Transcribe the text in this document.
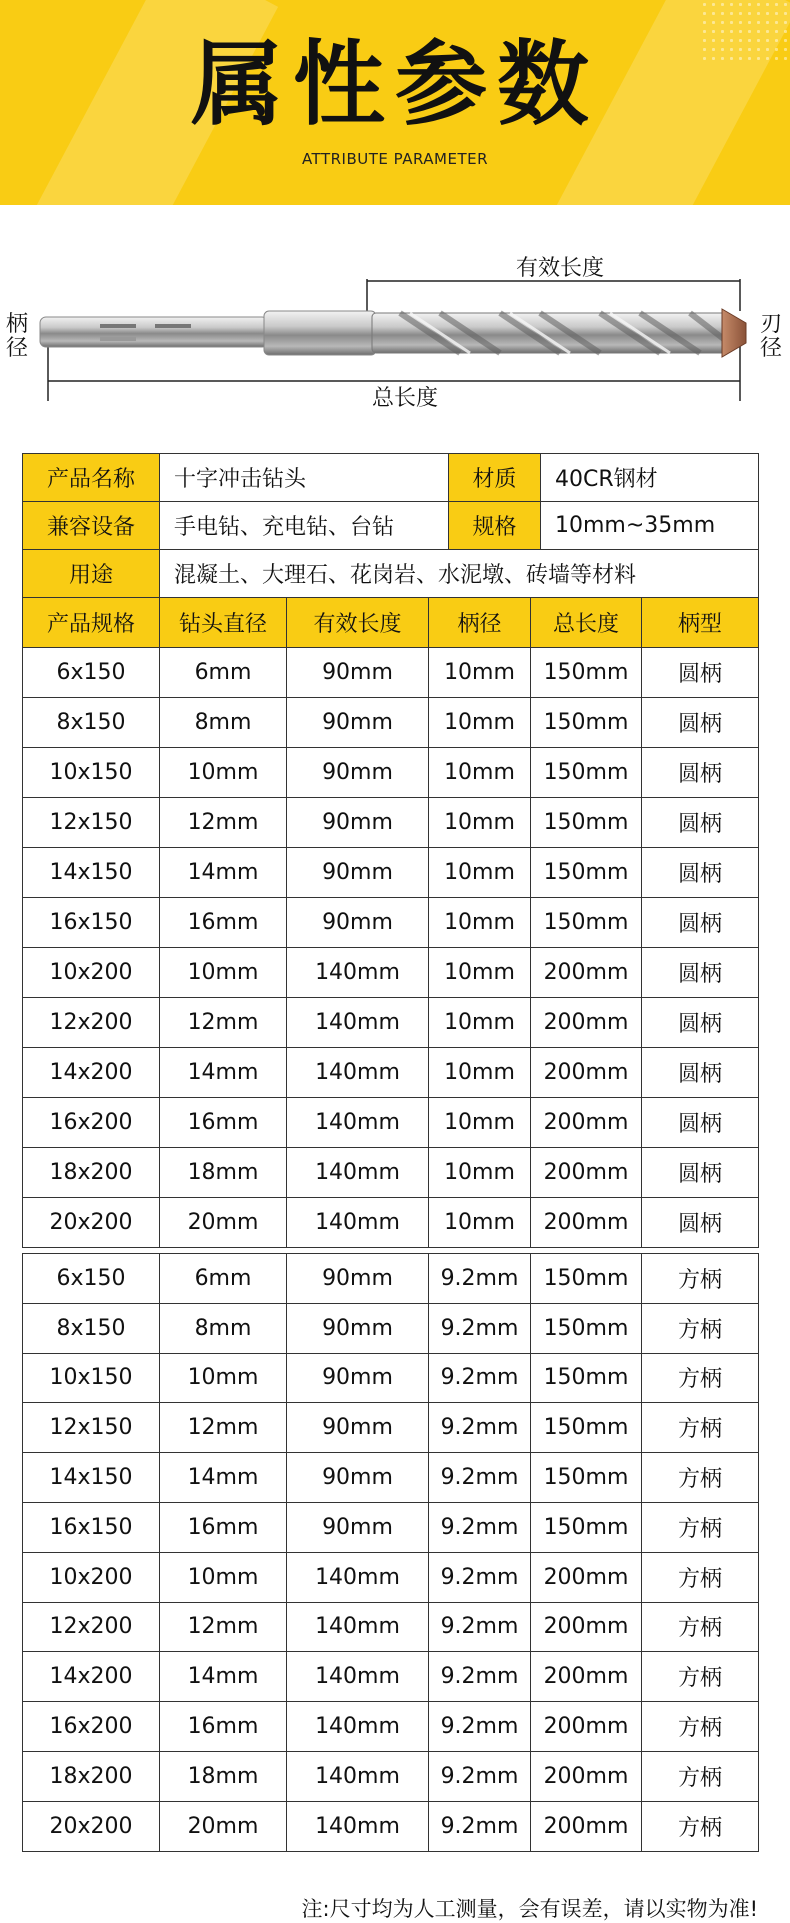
属性参数
ATTRIBUTE PARAMETER
有效长度
柄径
刃径
总长度
产品名称	十字冲击钻头	材质	40CR钢材
兼容设备	手电钻、充电钻、台钻	规格	10mm~35mm
用途	混凝土、大理石、花岗岩、水泥墩、砖墙等材料		
产品规格	钻头直径	有效长度	柄径	总长度	柄型
6x150	6mm	90mm	10mm	150mm	圆柄
8x150	8mm	90mm	10mm	150mm	圆柄
10x150	10mm	90mm	10mm	150mm	圆柄
12x150	12mm	90mm	10mm	150mm	圆柄
14x150	14mm	90mm	10mm	150mm	圆柄
16x150	16mm	90mm	10mm	150mm	圆柄
10x200	10mm	140mm	10mm	200mm	圆柄
12x200	12mm	140mm	10mm	200mm	圆柄
14x200	14mm	140mm	10mm	200mm	圆柄
16x200	16mm	140mm	10mm	200mm	圆柄
18x200	18mm	140mm	10mm	200mm	圆柄
20x200	20mm	140mm	10mm	200mm	圆柄
6x150	6mm	90mm	9.2mm	150mm	方柄
8x150	8mm	90mm	9.2mm	150mm	方柄
10x150	10mm	90mm	9.2mm	150mm	方柄
12x150	12mm	90mm	9.2mm	150mm	方柄
14x150	14mm	90mm	9.2mm	150mm	方柄
16x150	16mm	90mm	9.2mm	150mm	方柄
10x200	10mm	140mm	9.2mm	200mm	方柄
12x200	12mm	140mm	9.2mm	200mm	方柄
14x200	14mm	140mm	9.2mm	200mm	方柄
16x200	16mm	140mm	9.2mm	200mm	方柄
18x200	18mm	140mm	9.2mm	200mm	方柄
20x200	20mm	140mm	9.2mm	200mm	方柄
注:尺寸均为人工测量，会有误差，请以实物为准!
